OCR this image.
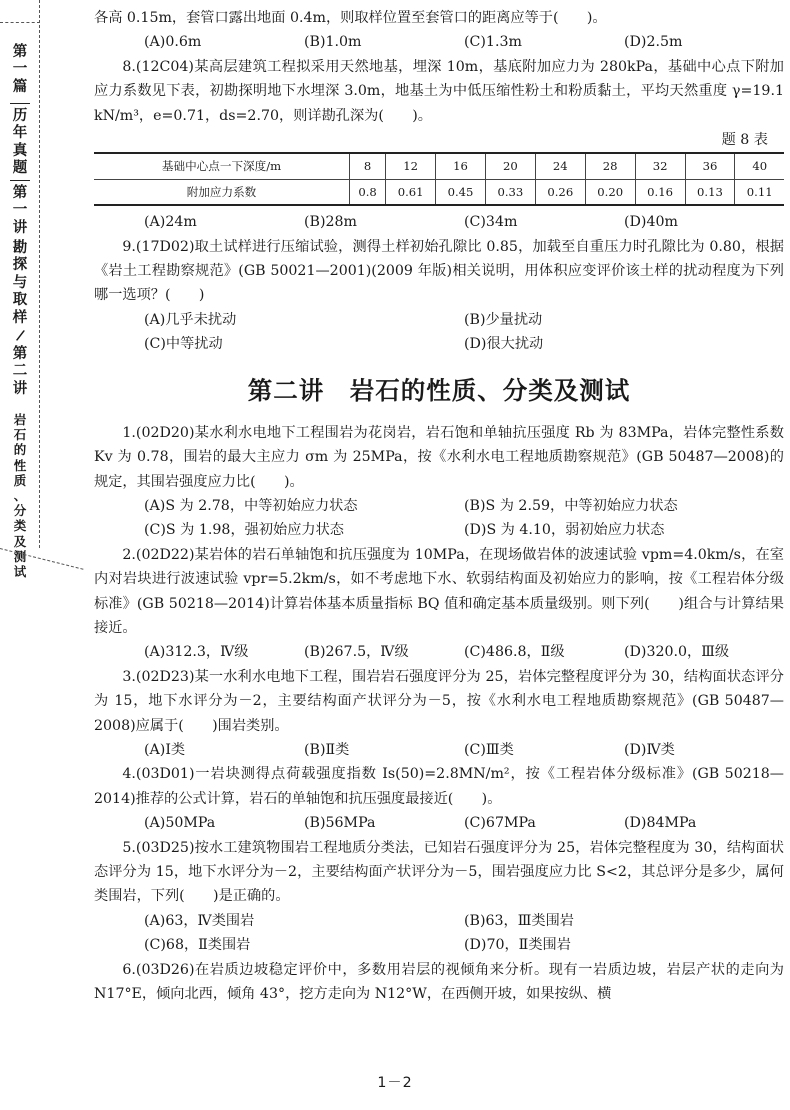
第
一
篇
历
年
真
题
第
一
讲
勘
探
与
取
样
/
第
二
讲
岩
石
的
性
质
、
分
类
及
测
试

各高 0.15m，套管口露出地面 0.4m，则取样位置至套管口的距离应等于(　　)。

(A)0.6m	(B)1.0m	(C)1.3m	(D)2.5m

8.(12C04)某高层建筑工程拟采用天然地基，埋深 10m，基底附加应力为 280kPa，基础中心点下附加应力系数见下表，初勘探明地下水埋深 3.0m，地基土为中低压缩性粉土和粉质黏土，平均天然重度 γ=19.1 kN/m³，e=0.71，ds=2.70，则详勘孔深为(　　)。

题 8 表

基础中心点一下深度/m	8	12	16	20	24	28	32	36	40
附加应力系数	0.8	0.61	0.45	0.33	0.26	0.20	0.16	0.13	0.11
(A)24m	(B)28m	(C)34m	(D)40m

9.(17D02)取土试样进行压缩试验，测得土样初始孔隙比 0.85，加载至自重压力时孔隙比为 0.80，根据《岩土工程勘察规范》(GB 50021—2001)(2009 年版)相关说明，用体积应变评价该土样的扰动程度为下列哪一选项？(　　)

(A)几乎未扰动	(B)少量扰动
(C)中等扰动	(D)很大扰动
第二讲　岩石的性质、分类及测试

1.(02D20)某水利水电地下工程围岩为花岗岩，岩石饱和单轴抗压强度 Rb 为 83MPa，岩体完整性系数 Kv 为 0.78，围岩的最大主应力 σm 为 25MPa，按《水利水电工程地质勘察规范》(GB 50487—2008)的规定，其围岩强度应力比(　　)。

(A)S 为 2.78，中等初始应力状态	(B)S 为 2.59，中等初始应力状态
(C)S 为 1.98，强初始应力状态	(D)S 为 4.10，弱初始应力状态

2.(02D22)某岩体的岩石单轴饱和抗压强度为 10MPa，在现场做岩体的波速试验 vpm=4.0km/s，在室内对岩块进行波速试验 vpr=5.2km/s，如不考虑地下水、软弱结构面及初始应力的影响，按《工程岩体分级标准》(GB 50218—2014)计算岩体基本质量指标 BQ 值和确定基本质量级别。则下列(　　)组合与计算结果接近。

(A)312.3，Ⅳ级	(B)267.5，Ⅳ级	(C)486.8，Ⅱ级	(D)320.0，Ⅲ级

3.(02D23)某一水利水电地下工程，围岩岩石强度评分为 25，岩体完整程度评分为 30，结构面状态评分为 15，地下水评分为－2，主要结构面产状评分为－5，按《水利水电工程地质勘察规范》(GB 50487—2008)应属于(　　)围岩类别。

(A)Ⅰ类	(B)Ⅱ类	(C)Ⅲ类	(D)Ⅳ类

4.(03D01)一岩块测得点荷载强度指数 Is(50)=2.8MN/m²，按《工程岩体分级标准》(GB 50218—2014)推荐的公式计算，岩石的单轴饱和抗压强度最接近(　　)。

(A)50MPa	(B)56MPa	(C)67MPa	(D)84MPa

5.(03D25)按水工建筑物围岩工程地质分类法，已知岩石强度评分为 25，岩体完整程度为 30，结构面状态评分为 15，地下水评分为－2，主要结构面产状评分为－5，围岩强度应力比 S<2，其总评分是多少，属何类围岩，下列(　　)是正确的。

(A)63，Ⅳ类围岩	(B)63，Ⅲ类围岩
(C)68，Ⅱ类围岩	(D)70，Ⅱ类围岩

6.(03D26)在岩质边坡稳定评价中，多数用岩层的视倾角来分析。现有一岩质边坡，岩层产状的走向为 N17°E，倾向北西，倾角 43°，挖方走向为 N12°W，在西侧开坡，如果按纵、横

1－2
